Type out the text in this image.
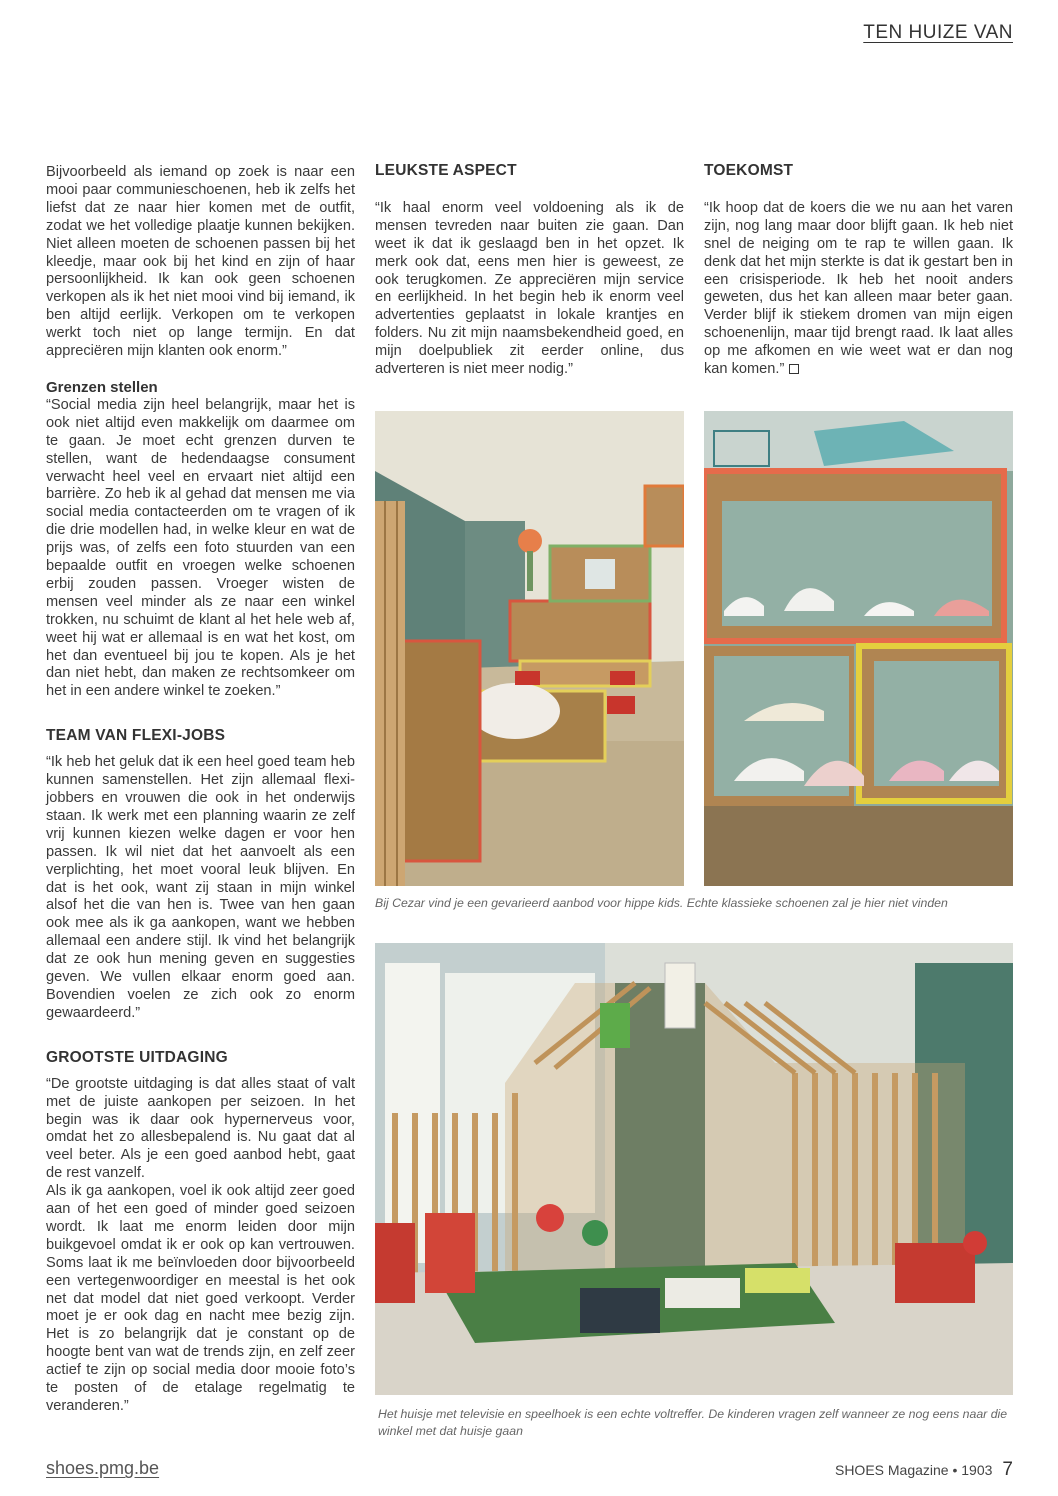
TEN HUIZE VAN

Bijvoorbeeld als iemand op zoek is naar een mooi paar communieschoenen, heb ik zelfs het liefst dat ze naar hier komen met de outfit, zodat we het volledige plaatje kunnen bekijken. Niet alleen moeten de schoenen passen bij het kleedje, maar ook bij het kind en zijn of haar persoonlijkheid. Ik kan ook geen schoenen verkopen als ik het niet mooi vind bij iemand, ik ben altijd eerlijk. Verkopen om te verkopen werkt toch niet op lange termijn. En dat appreciëren mijn klanten ook enorm.”

Grenzen stellen

“Social media zijn heel belangrijk, maar het is ook niet altijd even makkelijk om daarmee om te gaan. Je moet echt grenzen durven te stellen, want de hedendaagse consument verwacht heel veel en ervaart niet altijd een barrière. Zo heb ik al gehad dat mensen me via social media contacteerden om te vragen of ik die drie modellen had, in welke kleur en wat de prijs was, of zelfs een foto stuurden van een bepaalde outfit en vroegen welke schoenen erbij zouden passen. Vroeger wisten de mensen veel minder als ze naar een winkel trokken, nu schuimt de klant al het hele web af, weet hij wat er allemaal is en wat het kost, om het dan eventueel bij jou te kopen. Als je het dan niet hebt, dan maken ze rechtsomkeer om het in een andere winkel te zoeken.”

TEAM VAN FLEXI-JOBS

“Ik heb het geluk dat ik een heel goed team heb kunnen samenstellen. Het zijn allemaal flexi-jobbers en vrouwen die ook in het onderwijs staan. Ik werk met een planning waarin ze zelf vrij kunnen kiezen welke dagen er voor hen passen. Ik wil niet dat het aanvoelt als een verplichting, het moet vooral leuk blijven. En dat is het ook, want zij staan in mijn winkel alsof het die van hen is. Twee van hen gaan ook mee als ik ga aankopen, want we hebben allemaal een andere stijl. Ik vind het belangrijk dat ze ook hun mening geven en suggesties geven. We vullen elkaar enorm goed aan. Bovendien voelen ze zich ook zo enorm gewaardeerd.”

GROOTSTE UITDAGING

“De grootste uitdaging is dat alles staat of valt met de juiste aankopen per seizoen. In het begin was ik daar ook hypernerveus voor, omdat het zo allesbepalend is. Nu gaat dat al veel beter. Als je een goed aanbod hebt, gaat de rest vanzelf.

Als ik ga aankopen, voel ik ook altijd zeer goed aan of het een goed of minder goed seizoen wordt. Ik laat me enorm leiden door mijn buikgevoel omdat ik er ook op kan vertrouwen. Soms laat ik me beïnvloeden door bijvoorbeeld een vertegenwoordiger en meestal is het ook net dat model dat niet goed verkoopt. Verder moet je er ook dag en nacht mee bezig zijn. Het is zo belangrijk dat je constant op de hoogte bent van wat de trends zijn, en zelf zeer actief te zijn op social media door mooie foto’s te posten of de etalage regelmatig te veranderen.”

LEUKSTE ASPECT

“Ik haal enorm veel voldoening als ik de mensen tevreden naar buiten zie gaan. Dan weet ik dat ik geslaagd ben in het opzet. Ik merk ook dat, eens men hier is geweest, ze ook terugkomen. Ze appreciëren mijn service en eerlijkheid. In het begin heb ik enorm veel advertenties geplaatst in lokale krantjes en folders. Nu zit mijn naamsbekendheid goed, en mijn doelpubliek zit eerder online, dus adverteren is niet meer nodig.”

TOEKOMST

“Ik hoop dat de koers die we nu aan het varen zijn, nog lang maar door blijft gaan. Ik heb niet snel de neiging om te rap te willen gaan. Ik denk dat het mijn sterkte is dat ik gestart ben in een crisisperiode. Ik heb het nooit anders geweten, dus het kan alleen maar beter gaan. Verder blijf ik stiekem dromen van mijn eigen schoenenlijn, maar tijd brengt raad. Ik laat alles op me afkomen en wie weet wat er dan nog kan komen.”

Bij Cezar vind je een gevarieerd aanbod voor hippe kids. Echte klassieke schoenen zal je hier niet vinden
Het huisje met televisie en speelhoek is een echte voltreffer. De kinderen vragen zelf wanneer ze nog eens naar die winkel met dat huisje gaan
shoes.pmg.be	SHOES Magazine • 1903 7
